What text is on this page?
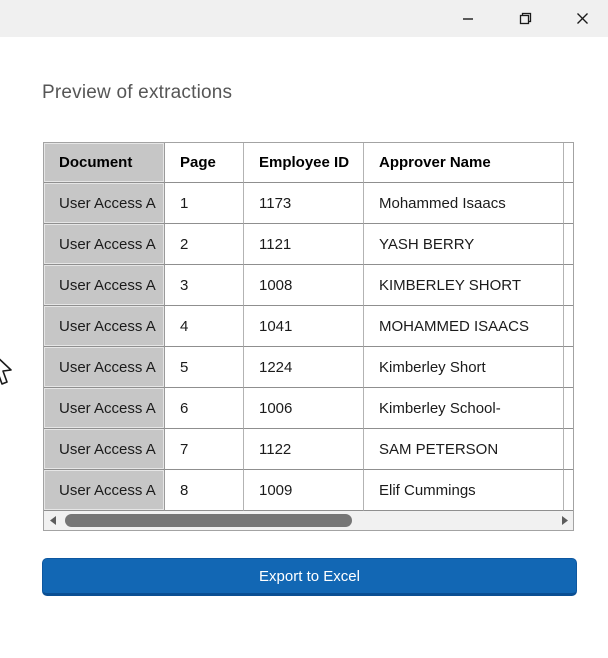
Preview of extractions
Document	Page	Employee ID	Approver Name
User Access A	1	1173	Mohammed Isaacs
User Access A	2	1121	YASH BERRY
User Access A	3	1008	KIMBERLEY SHORT
User Access A	4	1041	MOHAMMED ISAACS
User Access A	5	1224	Kimberley Short
User Access A	6	1006	Kimberley School-
User Access A	7	1122	SAM PETERSON
User Access A	8	1009	Elif Cummings
Export to Excel
